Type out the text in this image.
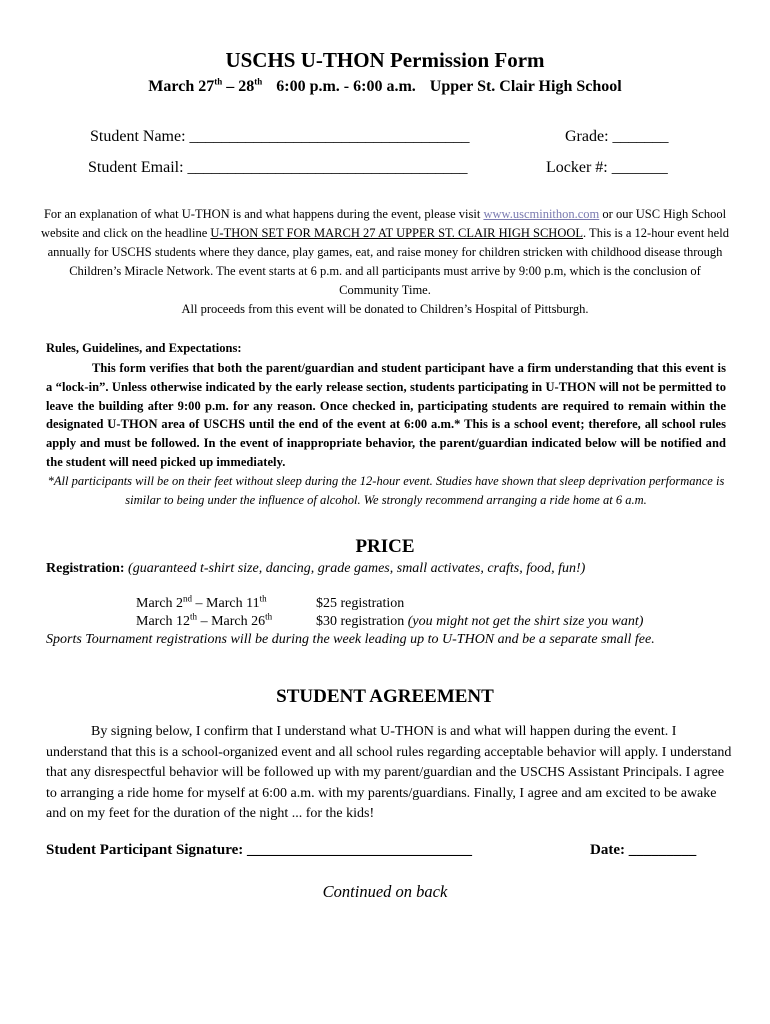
USCHS U-THON Permission Form
March 27th – 28th 6:00 p.m. - 6:00 a.m. Upper St. Clair High School
Student Name: ___________________________________	Grade: _______
Student Email: ___________________________________	Locker #: _______
For an explanation of what U-THON is and what happens during the event, please visit www.uscminithon.com or our USC High School website and click on the headline U-THON SET FOR MARCH 27 AT UPPER ST. CLAIR HIGH SCHOOL. This is a 12-hour event held annually for USCHS students where they dance, play games, eat, and raise money for children stricken with childhood disease through Children’s Miracle Network. The event starts at 6 p.m. and all participants must arrive by 9:00 p.m, which is the conclusion of Community Time.
All proceeds from this event will be donated to Children’s Hospital of Pittsburgh.
Rules, Guidelines, and Expectations:

This form verifies that both the parent/guardian and student participant have a firm understanding that this event is a “lock-in”. Unless otherwise indicated by the early release section, students participating in U-THON will not be permitted to leave the building after 9:00 p.m. for any reason. Once checked in, participating students are required to remain within the designated U-THON area of USCHS until the end of the event at 6:00 a.m.* This is a school event; therefore, all school rules apply and must be followed. In the event of inappropriate behavior, the parent/guardian indicated below will be notified and the student will need picked up immediately.

*All participants will be on their feet without sleep during the 12-hour event. Studies have shown that sleep deprivation performance is similar to being under the influence of alcohol. We strongly recommend arranging a ride home at 6 a.m.
PRICE
Registration: (guaranteed t-shirt size, dancing, grade games, small activates, crafts, food, fun!)
March 2nd – March 11th	$25 registration
March 12th – March 26th	$30 registration (you might not get the shirt size you want)
Sports Tournament registrations will be during the week leading up to U-THON and be a separate small fee.
STUDENT AGREEMENT

By signing below, I confirm that I understand what U-THON is and what will happen during the event. I understand that this is a school-organized event and all school rules regarding acceptable behavior will apply. I understand that any disrespectful behavior will be followed up with my parent/guardian and the USCHS Assistant Principals. I agree to arranging a ride home for myself at 6:00 a.m. with my parents/guardians. Finally, I agree and am excited to be awake and on my feet for the duration of the night ... for the kids!

Student Participant Signature: ______________________________	Date: _________
Continued on back
